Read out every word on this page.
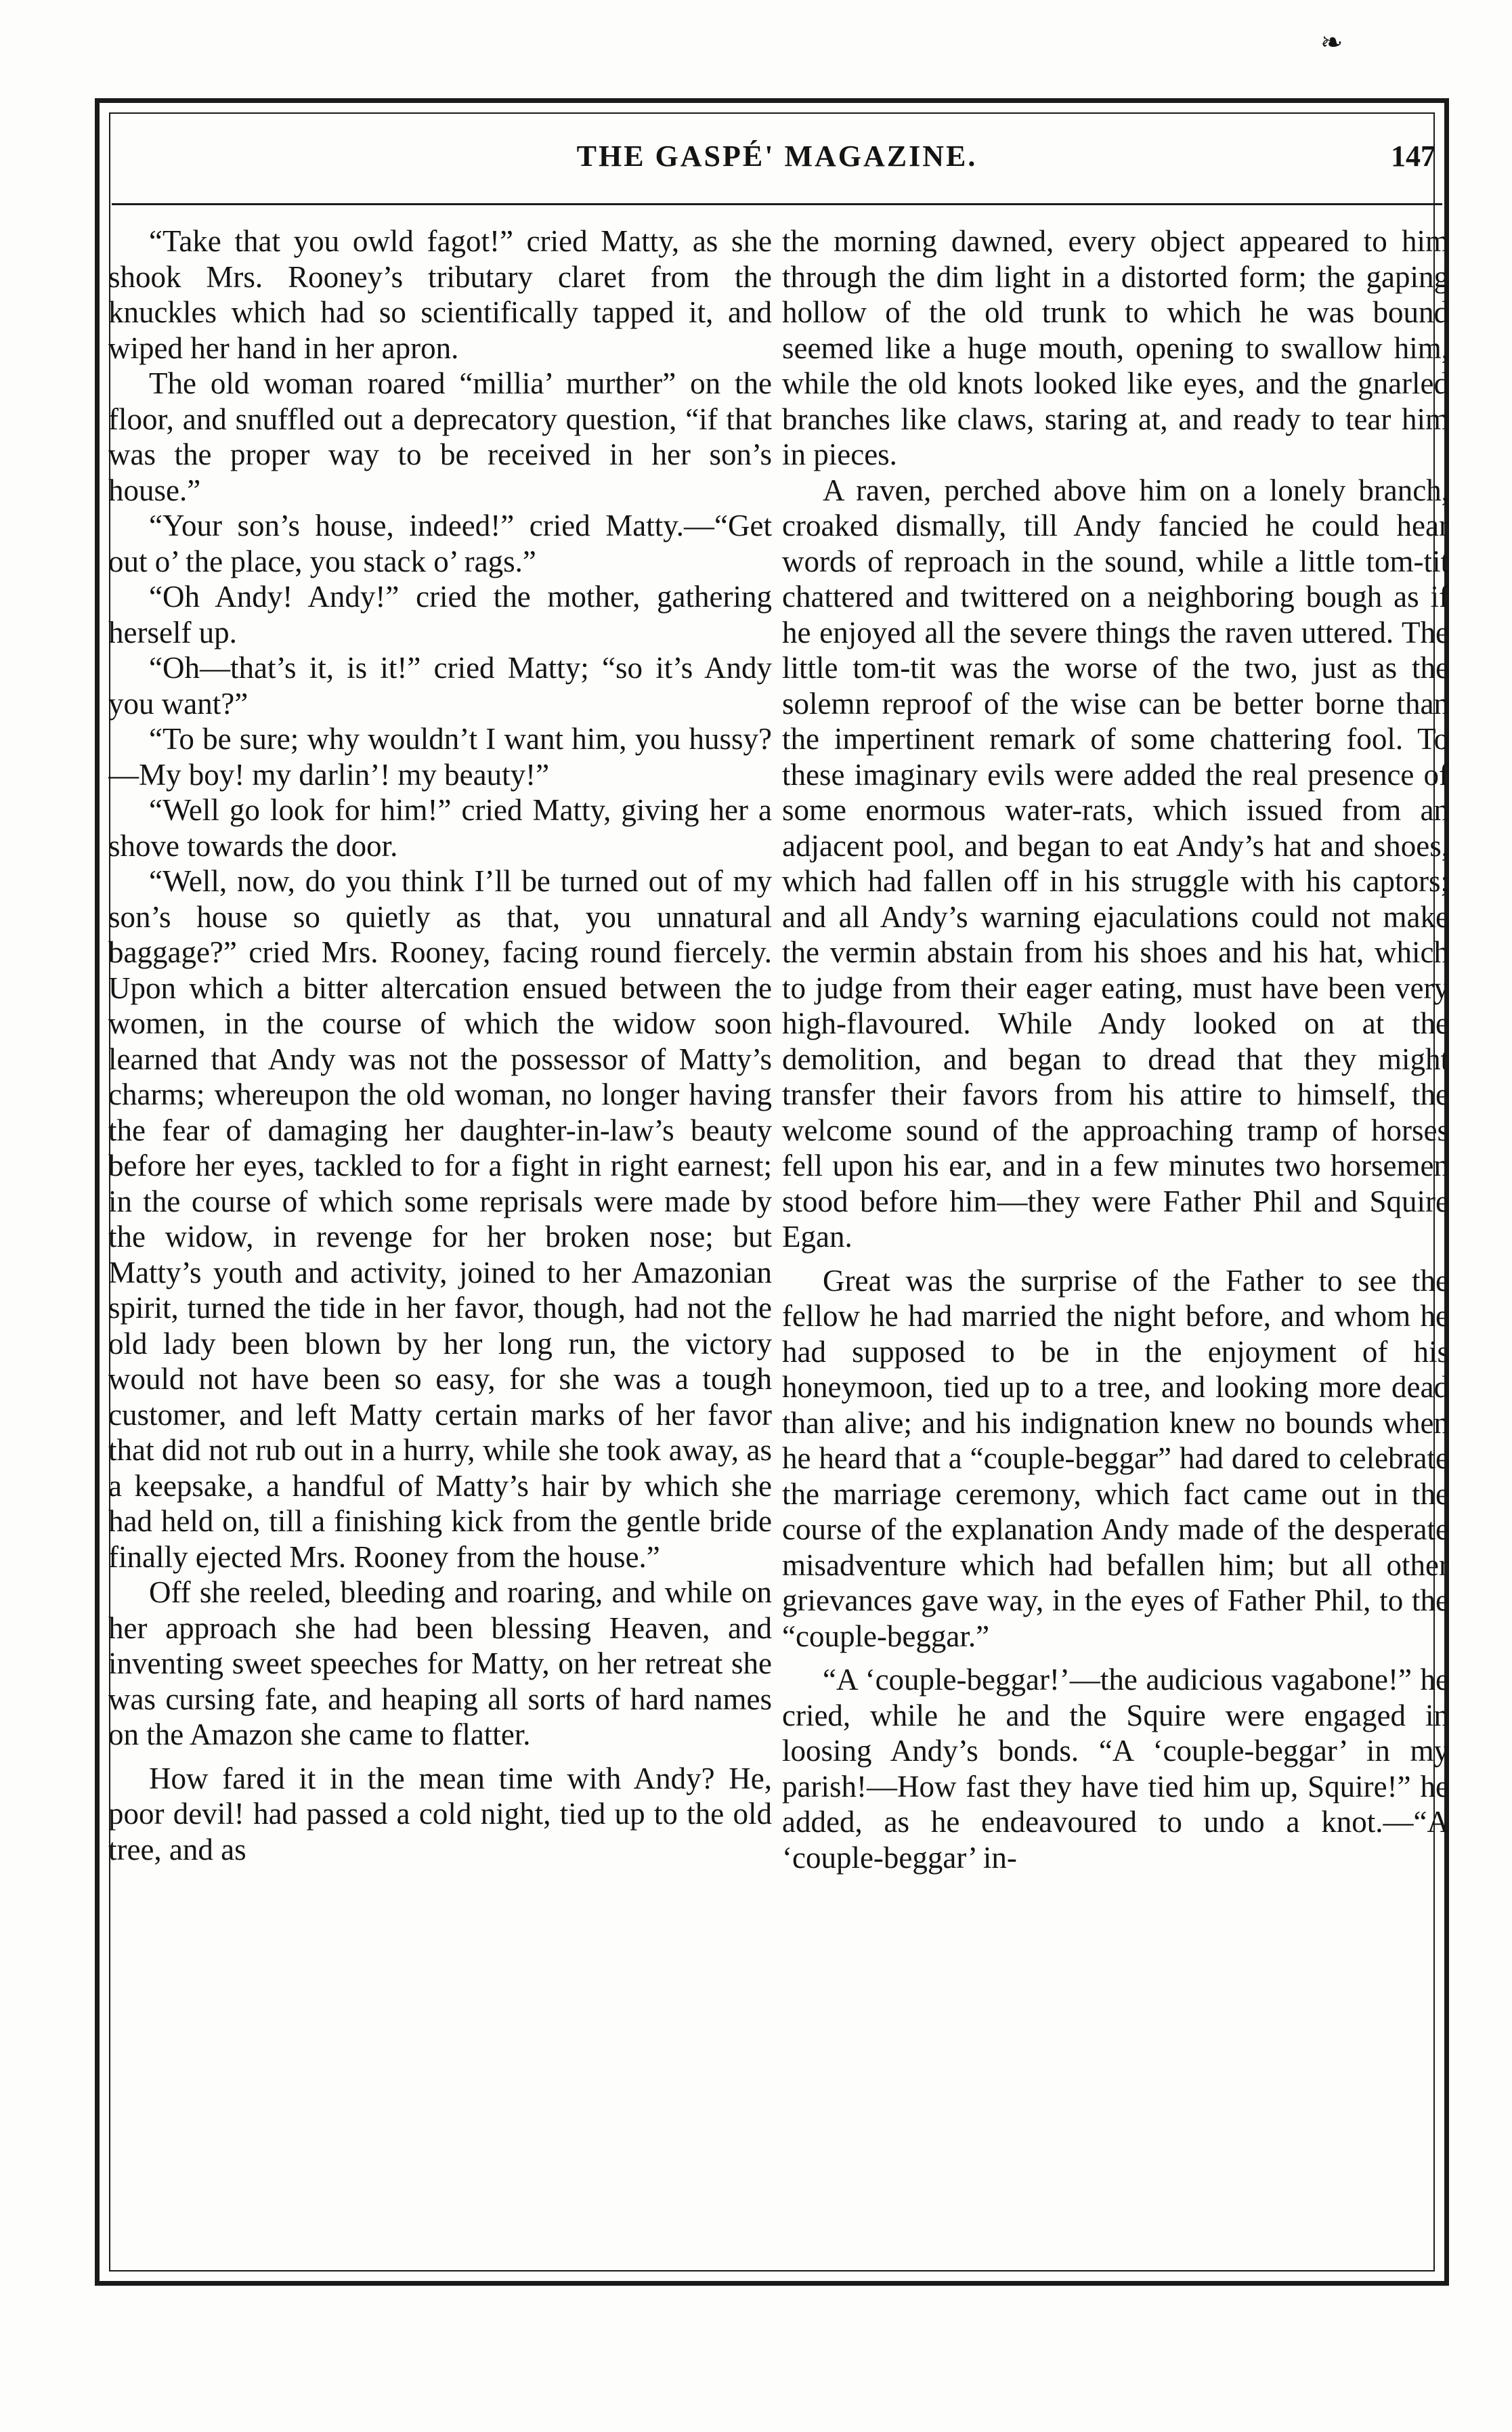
❧
THE GASPÉ' MAGAZINE.	147

“Take that you owld fagot!” cried Matty, as she shook Mrs. Rooney’s tributary claret from the knuckles which had so scientifically tapped it, and wiped her hand in her apron.

The old woman roared “millia’ murther” on the floor, and snuffled out a deprecatory question, “if that was the proper way to be received in her son’s house.”

“Your son’s house, indeed!” cried Matty.—“Get out o’ the place, you stack o’ rags.”

“Oh Andy! Andy!” cried the mother, gathering herself up.

“Oh—that’s it, is it!” cried Matty; “so it’s Andy you want?”

“To be sure; why wouldn’t I want him, you hussy?—My boy! my darlin’! my beauty!”

“Well go look for him!” cried Matty, giving her a shove towards the door.

“Well, now, do you think I’ll be turned out of my son’s house so quietly as that, you unnatural baggage?” cried Mrs. Rooney, facing round fiercely. Upon which a bitter altercation ensued between the women, in the course of which the widow soon learned that Andy was not the possessor of Matty’s charms; whereupon the old woman, no longer having the fear of damaging her daughter-in-law’s beauty before her eyes, tackled to for a fight in right earnest; in the course of which some reprisals were made by the widow, in revenge for her broken nose; but Matty’s youth and activity, joined to her Amazonian spirit, turned the tide in her favor, though, had not the old lady been blown by her long run, the victory would not have been so easy, for she was a tough customer, and left Matty certain marks of her favor that did not rub out in a hurry, while she took away, as a keepsake, a handful of Matty’s hair by which she had held on, till a finishing kick from the gentle bride finally ejected Mrs. Rooney from the house.”

Off she reeled, bleeding and roaring, and while on her approach she had been blessing Heaven, and inventing sweet speeches for Matty, on her retreat she was cursing fate, and heaping all sorts of hard names on the Amazon she came to flatter.

How fared it in the mean time with Andy? He, poor devil! had passed a cold night, tied up to the old tree, and as

the morning dawned, every object appeared to him through the dim light in a distorted form; the gaping hollow of the old trunk to which he was bound seemed like a huge mouth, opening to swallow him, while the old knots looked like eyes, and the gnarled branches like claws, staring at, and ready to tear him in pieces.

A raven, perched above him on a lonely branch, croaked dismally, till Andy fancied he could hear words of reproach in the sound, while a little tom-tit chattered and twittered on a neighboring bough as if he enjoyed all the severe things the raven uttered. The little tom-tit was the worse of the two, just as the solemn reproof of the wise can be better borne than the impertinent remark of some chattering fool. To these imaginary evils were added the real presence of some enormous water-rats, which issued from an adjacent pool, and began to eat Andy’s hat and shoes, which had fallen off in his struggle with his captors; and all Andy’s warning ejaculations could not make the vermin abstain from his shoes and his hat, which to judge from their eager eating, must have been very high-flavoured. While Andy looked on at the demolition, and began to dread that they might transfer their favors from his attire to himself, the welcome sound of the approaching tramp of horses fell upon his ear, and in a few minutes two horsemen stood before him—they were Father Phil and Squire Egan.

Great was the surprise of the Father to see the fellow he had married the night before, and whom he had supposed to be in the enjoyment of his honeymoon, tied up to a tree, and looking more dead than alive; and his indignation knew no bounds when he heard that a “couple-beggar” had dared to celebrate the marriage ceremony, which fact came out in the course of the explanation Andy made of the desperate misadventure which had befallen him; but all other grievances gave way, in the eyes of Father Phil, to the “couple-beggar.”

“A ‘couple-beggar!’—the audicious vagabone!” he cried, while he and the Squire were engaged in loosing Andy’s bonds. “A ‘couple-beggar’ in my parish!—How fast they have tied him up, Squire!” he added, as he endeavoured to undo a knot.—“A ‘couple-beggar’ in-
